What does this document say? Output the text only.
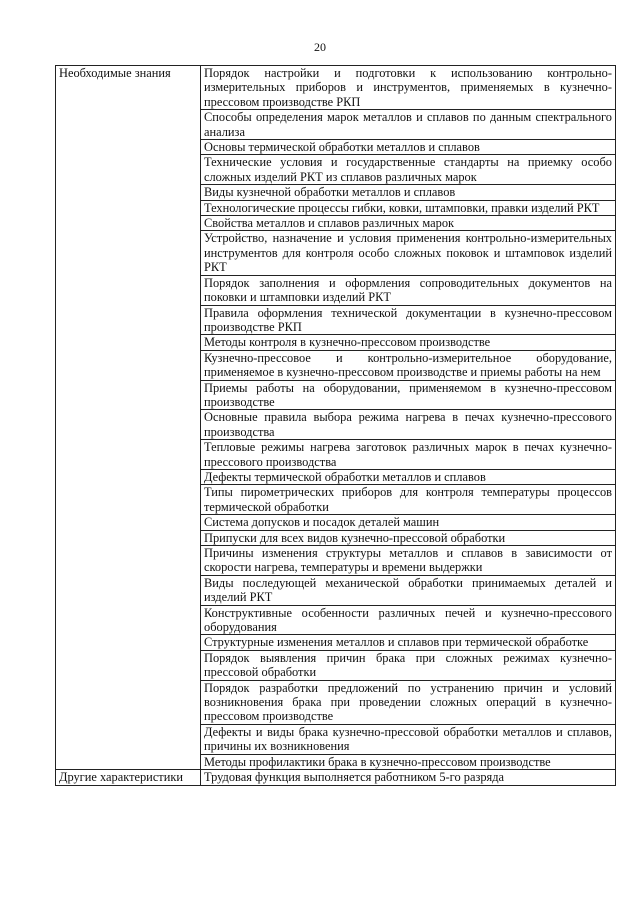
20
Необходимые знания	Порядок настройки и подготовки к использованию контрольно-измерительных приборов и инструментов, применяемых в кузнечно-прессовом производстве РКП
	Способы определения марок металлов и сплавов по данным спектрального анализа
	Основы термической обработки металлов и сплавов
	Технические условия и государственные стандарты на приемку особо сложных изделий РКТ из сплавов различных марок
	Виды кузнечной обработки металлов и сплавов
	Технологические процессы гибки, ковки, штамповки, правки изделий РКТ
	Свойства металлов и сплавов различных марок
	Устройство, назначение и условия применения контрольно-измерительных инструментов для контроля особо сложных поковок и штамповок изделий РКТ
	Порядок заполнения и оформления сопроводительных документов на поковки и штамповки изделий РКТ
	Правила оформления технической документации в кузнечно-прессовом производстве РКП
	Методы контроля в кузнечно-прессовом производстве
	Кузнечно-прессовое и контрольно-измерительное оборудование, применяемое в кузнечно-прессовом производстве и приемы работы на нем
	Приемы работы на оборудовании, применяемом в кузнечно-прессовом производстве
	Основные правила выбора режима нагрева в печах кузнечно-прессового производства
	Тепловые режимы нагрева заготовок различных марок в печах кузнечно-прессового производства
	Дефекты термической обработки металлов и сплавов
	Типы пирометрических приборов для контроля температуры процессов термической обработки
	Система допусков и посадок деталей машин
	Припуски для всех видов кузнечно-прессовой обработки
	Причины изменения структуры металлов и сплавов в зависимости от скорости нагрева, температуры и времени выдержки
	Виды последующей механической обработки принимаемых деталей и изделий РКТ
	Конструктивные особенности различных печей и кузнечно-прессового оборудования
	Структурные изменения металлов и сплавов при термической обработке
	Порядок выявления причин брака при сложных режимах кузнечно-прессовой обработки
	Порядок разработки предложений по устранению причин и условий возникновения брака при проведении сложных операций в кузнечно-прессовом производстве
	Дефекты и виды брака кузнечно-прессовой обработки металлов и сплавов, причины их возникновения
	Методы профилактики брака в кузнечно-прессовом производстве
Другие характеристики	Трудовая функция выполняется работником 5-го разряда
